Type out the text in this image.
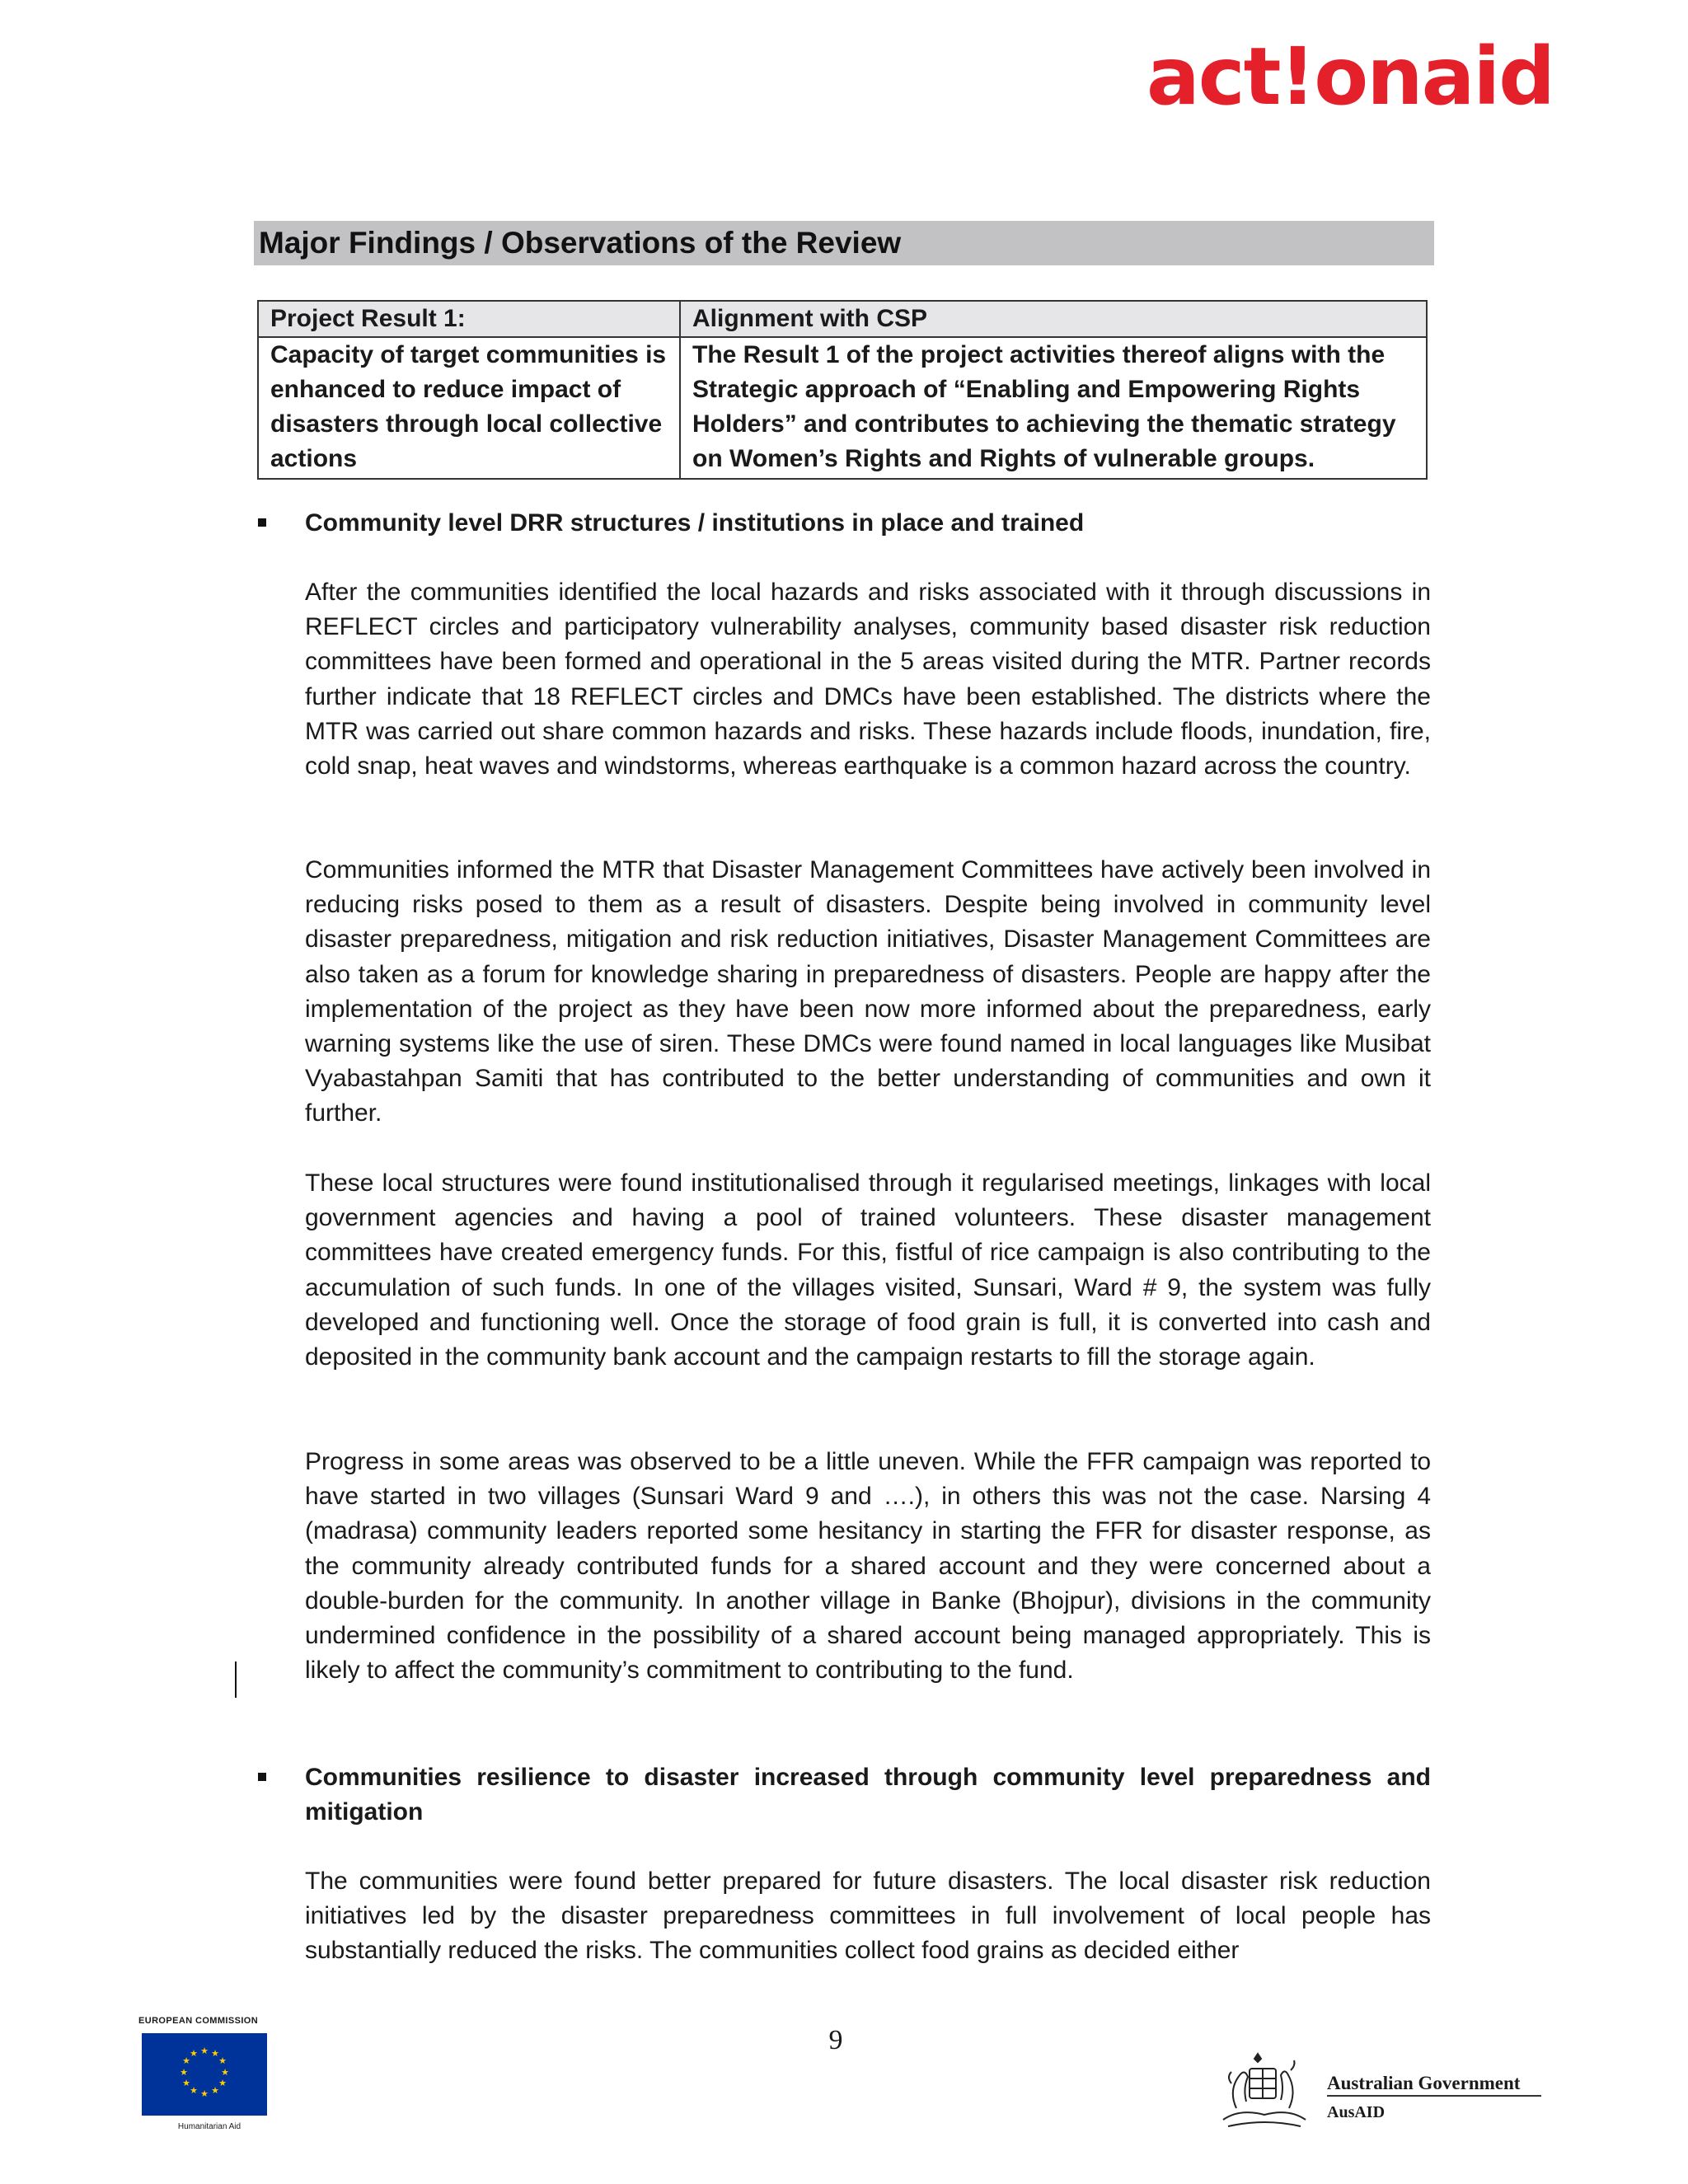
act!onaid
Major Findings / Observations of the Review
Project Result 1:	Alignment with CSP
Capacity of target communities is enhanced to reduce impact of disasters through local collective actions	The Result 1 of the project activities thereof aligns with the Strategic approach of “Enabling and Empowering Rights Holders” and contributes to achieving the thematic strategy on Women’s Rights and Rights of vulnerable groups.
Community level DRR structures / institutions in place and trained

After the communities identified the local hazards and risks associated with it through discussions in REFLECT circles and participatory vulnerability analyses, community based disaster risk reduction committees have been formed and operational in the 5 areas visited during the MTR. Partner records further indicate that 18 REFLECT circles and DMCs have been established. The districts where the MTR was carried out share common hazards and risks. These hazards include floods, inundation, fire, cold snap, heat waves and windstorms, whereas earthquake is a common hazard across the country.

Communities informed the MTR that Disaster Management Committees have actively been involved in reducing risks posed to them as a result of disasters. Despite being involved in community level disaster preparedness, mitigation and risk reduction initiatives, Disaster Management Committees are also taken as a forum for knowledge sharing in preparedness of disasters. People are happy after the implementation of the project as they have been now more informed about the preparedness, early warning systems like the use of siren. These DMCs were found named in local languages like Musibat Vyabastahpan Samiti that has contributed to the better understanding of communities and own it further.

These local structures were found institutionalised through it regularised meetings, linkages with local government agencies and having a pool of trained volunteers. These disaster management committees have created emergency funds. For this, fistful of rice campaign is also contributing to the accumulation of such funds. In one of the villages visited, Sunsari, Ward # 9, the system was fully developed and functioning well. Once the storage of food grain is full, it is converted into cash and deposited in the community bank account and the campaign restarts to fill the storage again.

Progress in some areas was observed to be a little uneven. While the FFR campaign was reported to have started in two villages (Sunsari Ward 9 and ….), in others this was not the case. Narsing 4 (madrasa) community leaders reported some hesitancy in starting the FFR for disaster response, as the community already contributed funds for a shared account and they were concerned about a double-burden for the community. In another village in Banke (Bhojpur), divisions in the community undermined confidence in the possibility of a shared account being managed appropriately. This is likely to affect the community’s commitment to contributing to the fund.

Communities resilience to disaster increased through community level preparedness and mitigation

The communities were found better prepared for future disasters. The local disaster risk reduction initiatives led by the disaster preparedness committees in full involvement of local people has substantially reduced the risks. The communities collect food grains as decided either

9
EUROPEAN COMMISSION
★ ★
★
★
★
★
★
★
★
★
★
★
Humanitarian Aid
Australian Government
AusAID
